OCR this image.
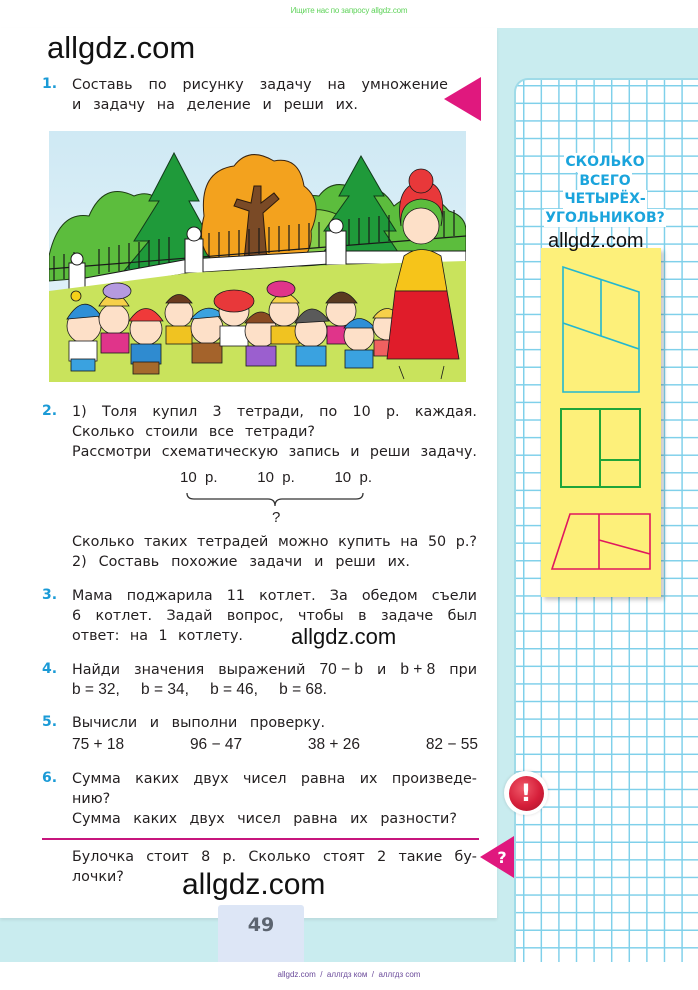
Ищите нас по запросу allgdz.com
allgdz.com
allgdz.com
allgdz.com
allgdz.com
1. Составь по рисунку задачу на умножение
и задачу на деление и реши их.
2. 1) Толя купил 3 тетради, по 10 р. каждая.
Сколько стоили все тетради?
Рассмотри схематическую запись и реши задачу.
10  р.	10  р.	10  р.
?
Сколько таких тетрадей можно купить на 50 р.?
2) Составь похожие задачи и реши их.
3. Мама поджарила 11 котлет. За обедом съели
6 котлет. Задай вопрос, чтобы в задаче был
ответ: на 1 котлету.
4. Найди значения выражений 70 − b и b + 8 при
b = 32, b = 34, b = 46, b = 68.
5. Вычисли и выполни проверку.
75 + 18	96 − 47	38 + 26	82 − 55
6. Сумма каких двух чисел равна их произведе-
нию?
Сумма каких двух чисел равна их разности?
Булочка стоит 8 р. Сколько стоят 2 такие бу-
лочки?
?
СКОЛЬКО
ВСЕГО
ЧЕТЫРЁХ-
УГОЛЬНИКОВ?
!
49
allgdz.com  /  аллгдз ком  /  аллгдз com
